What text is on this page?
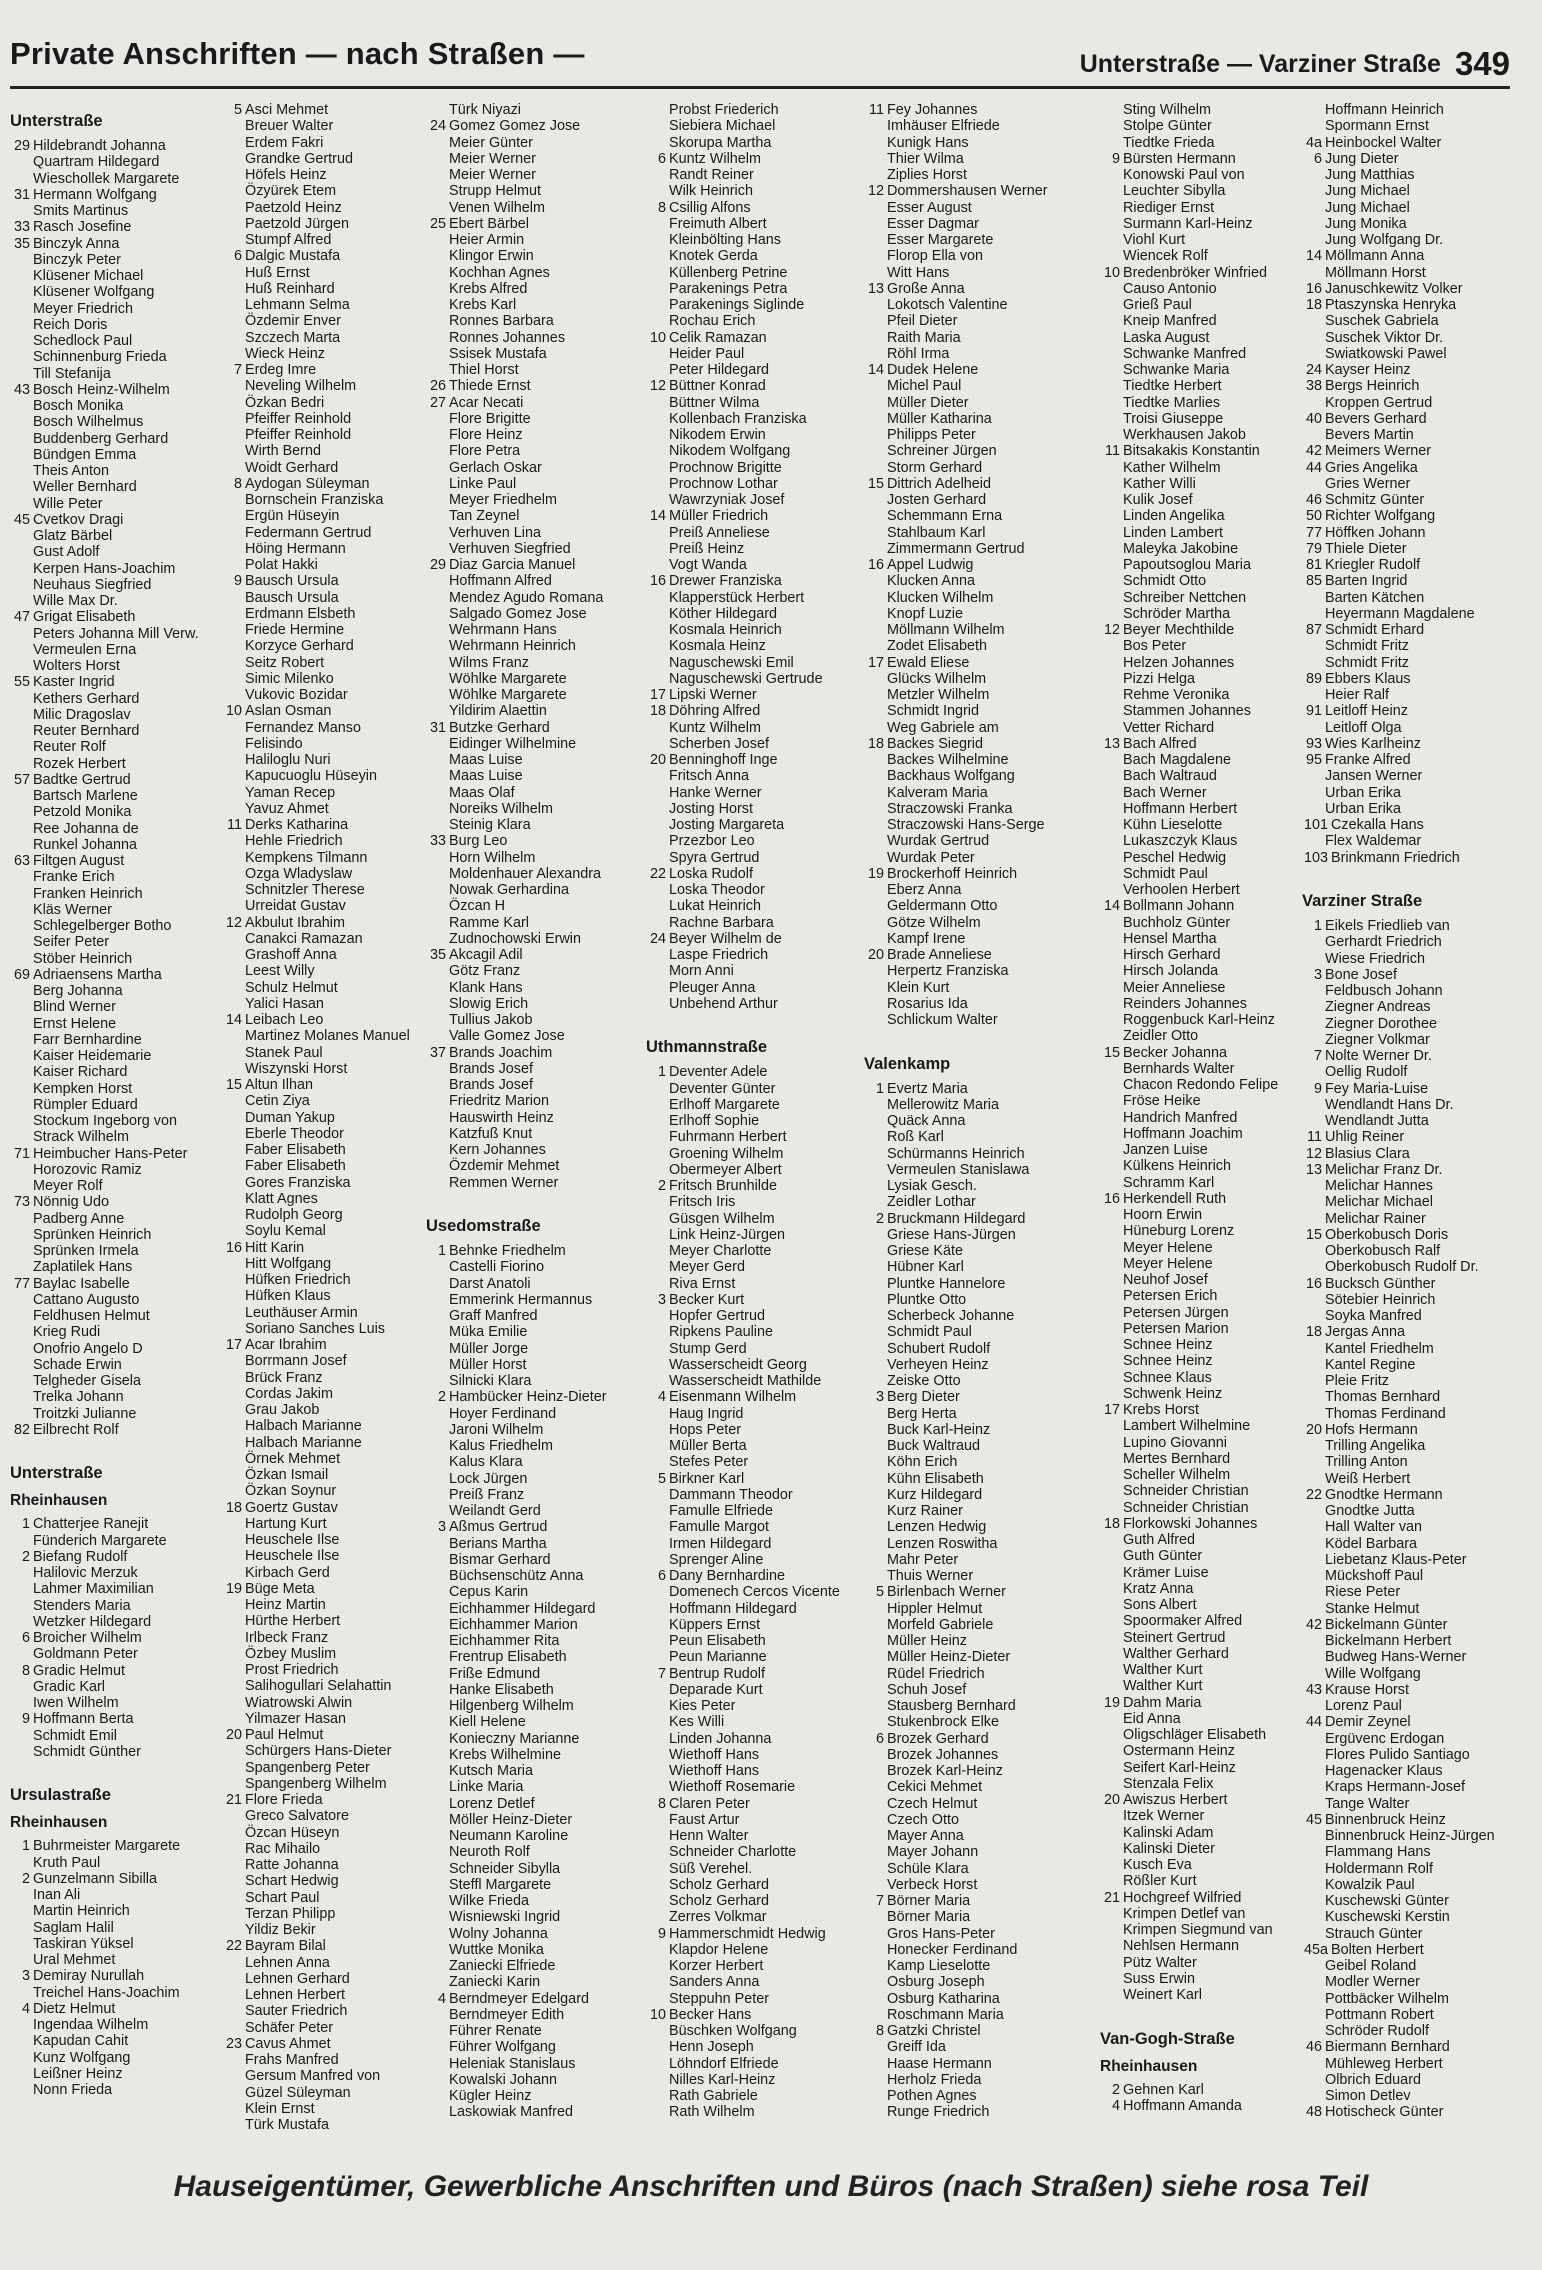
Private Anschriften — nach Straßen —	Unterstraße — Varziner Straße 349
Unterstraße
29 Hildebrandt Johanna
Quartram Hildegard
Wieschollek Margarete
31 Hermann Wolfgang
Smits Martinus
33 Rasch Josefine
35 Binczyk Anna
Binczyk Peter
Klüsener Michael
Klüsener Wolfgang
Meyer Friedrich
Reich Doris
Schedlock Paul
Schinnenburg Frieda
Till Stefanija
43 Bosch Heinz-Wilhelm
Bosch Monika
Bosch Wilhelmus
Buddenberg Gerhard
Bündgen Emma
Theis Anton
Weller Bernhard
Wille Peter
45 Cvetkov Dragi
Glatz Bärbel
Gust Adolf
Kerpen Hans-Joachim
Neuhaus Siegfried
Wille Max Dr.
47 Grigat Elisabeth
Peters Johanna Mill Verw.
Vermeulen Erna
Wolters Horst
55 Kaster Ingrid
Kethers Gerhard
Milic Dragoslav
Reuter Bernhard
Reuter Rolf
Rozek Herbert
57 Badtke Gertrud
Bartsch Marlene
Petzold Monika
Ree Johanna de
Runkel Johanna
63 Filtgen August
Franke Erich
Franken Heinrich
Kläs Werner
Schlegelberger Botho
Seifer Peter
Stöber Heinrich
69 Adriaensens Martha
Berg Johanna
Blind Werner
Ernst Helene
Farr Bernhardine
Kaiser Heidemarie
Kaiser Richard
Kempken Horst
Rümpler Eduard
Stockum Ingeborg von
Strack Wilhelm
71 Heimbucher Hans-Peter
Horozovic Ramiz
Meyer Rolf
73 Nönnig Udo
Padberg Anne
Sprünken Heinrich
Sprünken Irmela
Zaplatilek Hans
77 Baylac Isabelle
Cattano Augusto
Feldhusen Helmut
Krieg Rudi
Onofrio Angelo D
Schade Erwin
Telgheder Gisela
Trelka Johann
Troitzki Julianne
82 Eilbrecht Rolf
Unterstraße
Rheinhausen
1 Chatterjee Ranejit
Fünderich Margarete
2 Biefang Rudolf
Halilovic Merzuk
Lahmer Maximilian
Stenders Maria
Wetzker Hildegard
6 Broicher Wilhelm
Goldmann Peter
8 Gradic Helmut
Gradic Karl
Iwen Wilhelm
9 Hoffmann Berta
Schmidt Emil
Schmidt Günther
Ursulastraße
Rheinhausen
1 Buhrmeister Margarete
Kruth Paul
2 Gunzelmann Sibilla
Inan Ali
Martin Heinrich
Saglam Halil
Taskiran Yüksel
Ural Mehmet
3 Demiray Nurullah
Treichel Hans-Joachim
4 Dietz Helmut
Ingendaa Wilhelm
Kapudan Cahit
Kunz Wolfgang
Leißner Heinz
Nonn Frieda
5 Asci Mehmet
Breuer Walter
Erdem Fakri
Grandke Gertrud
Höfels Heinz
Özyürek Etem
Paetzold Heinz
Paetzold Jürgen
Stumpf Alfred
6 Dalgic Mustafa
Huß Ernst
Huß Reinhard
Lehmann Selma
Özdemir Enver
Szczech Marta
Wieck Heinz
7 Erdeg Imre
Neveling Wilhelm
Özkan Bedri
Pfeiffer Reinhold
Pfeiffer Reinhold
Wirth Bernd
Woidt Gerhard
8 Aydogan Süleyman
Bornschein Franziska
Ergün Hüseyin
Federmann Gertrud
Höing Hermann
Polat Hakki
9 Bausch Ursula
Bausch Ursula
Erdmann Elsbeth
Friede Hermine
Korzyce Gerhard
Seitz Robert
Simic Milenko
Vukovic Bozidar
10 Aslan Osman
Fernandez Manso
Felisindo
Haliloglu Nuri
Kapucuoglu Hüseyin
Yaman Recep
Yavuz Ahmet
11 Derks Katharina
Hehle Friedrich
Kempkens Tilmann
Ozga Wladyslaw
Schnitzler Therese
Urreidat Gustav
12 Akbulut Ibrahim
Canakci Ramazan
Grashoff Anna
Leest Willy
Schulz Helmut
Yalici Hasan
14 Leibach Leo
Martinez Molanes Manuel
Stanek Paul
Wiszynski Horst
15 Altun Ilhan
Cetin Ziya
Duman Yakup
Eberle Theodor
Faber Elisabeth
Faber Elisabeth
Gores Franziska
Klatt Agnes
Rudolph Georg
Soylu Kemal
16 Hitt Karin
Hitt Wolfgang
Hüfken Friedrich
Hüfken Klaus
Leuthäuser Armin
Soriano Sanches Luis
17 Acar Ibrahim
Borrmann Josef
Brück Franz
Cordas Jakim
Grau Jakob
Halbach Marianne
Halbach Marianne
Örnek Mehmet
Özkan Ismail
Özkan Soynur
18 Goertz Gustav
Hartung Kurt
Heuschele Ilse
Heuschele Ilse
Kirbach Gerd
19 Büge Meta
Heinz Martin
Hürthe Herbert
Irlbeck Franz
Özbey Muslim
Prost Friedrich
Salihogullari Selahattin
Wiatrowski Alwin
Yilmazer Hasan
20 Paul Helmut
Schürgers Hans-Dieter
Spangenberg Peter
Spangenberg Wilhelm
21 Flore Frieda
Greco Salvatore
Özcan Hüseyn
Rac Mihailo
Ratte Johanna
Schart Hedwig
Schart Paul
Terzan Philipp
Yildiz Bekir
22 Bayram Bilal
Lehnen Anna
Lehnen Gerhard
Lehnen Herbert
Sauter Friedrich
Schäfer Peter
23 Cavus Ahmet
Frahs Manfred
Gersum Manfred von
Güzel Süleyman
Klein Ernst
Türk Mustafa
Türk Niyazi
24 Gomez Gomez Jose
Meier Günter
Meier Werner
Meier Werner
Strupp Helmut
Venen Wilhelm
25 Ebert Bärbel
Heier Armin
Klingor Erwin
Kochhan Agnes
Krebs Alfred
Krebs Karl
Ronnes Barbara
Ronnes Johannes
Ssisek Mustafa
Thiel Horst
26 Thiede Ernst
27 Acar Necati
Flore Brigitte
Flore Heinz
Flore Petra
Gerlach Oskar
Linke Paul
Meyer Friedhelm
Tan Zeynel
Verhuven Lina
Verhuven Siegfried
29 Diaz Garcia Manuel
Hoffmann Alfred
Mendez Agudo Romana
Salgado Gomez Jose
Wehrmann Hans
Wehrmann Heinrich
Wilms Franz
Wöhlke Margarete
Wöhlke Margarete
Yildirim Alaettin
31 Butzke Gerhard
Eidinger Wilhelmine
Maas Luise
Maas Luise
Maas Olaf
Noreiks Wilhelm
Steinig Klara
33 Burg Leo
Horn Wilhelm
Moldenhauer Alexandra
Nowak Gerhardina
Özcan H
Ramme Karl
Zudnochowski Erwin
35 Akcagil Adil
Götz Franz
Klank Hans
Slowig Erich
Tullius Jakob
Valle Gomez Jose
37 Brands Joachim
Brands Josef
Brands Josef
Friedritz Marion
Hauswirth Heinz
Katzfuß Knut
Kern Johannes
Özdemir Mehmet
Remmen Werner
Usedomstraße
1 Behnke Friedhelm
Castelli Fiorino
Darst Anatoli
Emmerink Hermannus
Graff Manfred
Müka Emilie
Müller Jorge
Müller Horst
Silnicki Klara
2 Hambücker Heinz-Dieter
Hoyer Ferdinand
Jaroni Wilhelm
Kalus Friedhelm
Kalus Klara
Lock Jürgen
Preiß Franz
Weilandt Gerd
3 Aßmus Gertrud
Berians Martha
Bismar Gerhard
Büchsenschütz Anna
Cepus Karin
Eichhammer Hildegard
Eichhammer Marion
Eichhammer Rita
Frentrup Elisabeth
Friße Edmund
Hanke Elisabeth
Hilgenberg Wilhelm
Kiell Helene
Konieczny Marianne
Krebs Wilhelmine
Kutsch Maria
Linke Maria
Lorenz Detlef
Möller Heinz-Dieter
Neumann Karoline
Neuroth Rolf
Schneider Sibylla
Steffl Margarete
Wilke Frieda
Wisniewski Ingrid
Wolny Johanna
Wuttke Monika
Zaniecki Elfriede
Zaniecki Karin
4 Berndmeyer Edelgard
Berndmeyer Edith
Führer Renate
Führer Wolfgang
Heleniak Stanislaus
Kowalski Johann
Kügler Heinz
Laskowiak Manfred
Probst Friederich
Siebiera Michael
Skorupa Martha
6 Kuntz Wilhelm
Randt Reiner
Wilk Heinrich
8 Csillig Alfons
Freimuth Albert
Kleinbölting Hans
Knotek Gerda
Küllenberg Petrine
Parakenings Petra
Parakenings Siglinde
Rochau Erich
10 Celik Ramazan
Heider Paul
Peter Hildegard
12 Büttner Konrad
Büttner Wilma
Kollenbach Franziska
Nikodem Erwin
Nikodem Wolfgang
Prochnow Brigitte
Prochnow Lothar
Wawrzyniak Josef
14 Müller Friedrich
Preiß Anneliese
Preiß Heinz
Vogt Wanda
16 Drewer Franziska
Klapperstück Herbert
Köther Hildegard
Kosmala Heinrich
Kosmala Heinz
Naguschewski Emil
Naguschewski Gertrude
17 Lipski Werner
18 Döhring Alfred
Kuntz Wilhelm
Scherben Josef
20 Benninghoff Inge
Fritsch Anna
Hanke Werner
Josting Horst
Josting Margareta
Przezbor Leo
Spyra Gertrud
22 Loska Rudolf
Loska Theodor
Lukat Heinrich
Rachne Barbara
24 Beyer Wilhelm de
Laspe Friedrich
Morn Anni
Pleuger Anna
Unbehend Arthur
Uthmannstraße
1 Deventer Adele
Deventer Günter
Erlhoff Margarete
Erlhoff Sophie
Fuhrmann Herbert
Groening Wilhelm
Obermeyer Albert
2 Fritsch Brunhilde
Fritsch Iris
Güsgen Wilhelm
Link Heinz-Jürgen
Meyer Charlotte
Meyer Gerd
Riva Ernst
3 Becker Kurt
Hopfer Gertrud
Ripkens Pauline
Stump Gerd
Wasserscheidt Georg
Wasserscheidt Mathilde
4 Eisenmann Wilhelm
Haug Ingrid
Hops Peter
Müller Berta
Stefes Peter
5 Birkner Karl
Dammann Theodor
Famulle Elfriede
Famulle Margot
Irmen Hildegard
Sprenger Aline
6 Dany Bernhardine
Domenech Cercos Vicente
Hoffmann Hildegard
Küppers Ernst
Peun Elisabeth
Peun Marianne
7 Bentrup Rudolf
Deparade Kurt
Kies Peter
Kes Willi
Linden Johanna
Wiethoff Hans
Wiethoff Hans
Wiethoff Rosemarie
8 Claren Peter
Faust Artur
Henn Walter
Schneider Charlotte
Süß Verehel.
Scholz Gerhard
Scholz Gerhard
Zerres Volkmar
9 Hammerschmidt Hedwig
Klapdor Helene
Korzer Herbert
Sanders Anna
Steppuhn Peter
10 Becker Hans
Büschken Wolfgang
Henn Joseph
Löhndorf Elfriede
Nilles Karl-Heinz
Rath Gabriele
Rath Wilhelm
11 Fey Johannes
Imhäuser Elfriede
Kunigk Hans
Thier Wilma
Ziplies Horst
12 Dommershausen Werner
Esser August
Esser Dagmar
Esser Margarete
Florop Ella von
Witt Hans
13 Große Anna
Lokotsch Valentine
Pfeil Dieter
Raith Maria
Röhl Irma
14 Dudek Helene
Michel Paul
Müller Dieter
Müller Katharina
Philipps Peter
Schreiner Jürgen
Storm Gerhard
15 Dittrich Adelheid
Josten Gerhard
Schemmann Erna
Stahlbaum Karl
Zimmermann Gertrud
16 Appel Ludwig
Klucken Anna
Klucken Wilhelm
Knopf Luzie
Möllmann Wilhelm
Zodet Elisabeth
17 Ewald Eliese
Glücks Wilhelm
Metzler Wilhelm
Schmidt Ingrid
Weg Gabriele am
18 Backes Siegrid
Backes Wilhelmine
Backhaus Wolfgang
Kalveram Maria
Straczowski Franka
Straczowski Hans-Serge
Wurdak Gertrud
Wurdak Peter
19 Brockerhoff Heinrich
Eberz Anna
Geldermann Otto
Götze Wilhelm
Kampf Irene
20 Brade Anneliese
Herpertz Franziska
Klein Kurt
Rosarius Ida
Schlickum Walter
Valenkamp
1 Evertz Maria
Mellerowitz Maria
Quäck Anna
Roß Karl
Schürmanns Heinrich
Vermeulen Stanislawa
Lysiak Gesch.
Zeidler Lothar
2 Bruckmann Hildegard
Griese Hans-Jürgen
Griese Käte
Hübner Karl
Pluntke Hannelore
Pluntke Otto
Scherbeck Johanne
Schmidt Paul
Schubert Rudolf
Verheyen Heinz
Zeiske Otto
3 Berg Dieter
Berg Herta
Buck Karl-Heinz
Buck Waltraud
Köhn Erich
Kühn Elisabeth
Kurz Hildegard
Kurz Rainer
Lenzen Hedwig
Lenzen Roswitha
Mahr Peter
Thuis Werner
5 Birlenbach Werner
Hippler Helmut
Morfeld Gabriele
Müller Heinz
Müller Heinz-Dieter
Rüdel Friedrich
Schuh Josef
Stausberg Bernhard
Stukenbrock Elke
6 Brozek Gerhard
Brozek Johannes
Brozek Karl-Heinz
Cekici Mehmet
Czech Helmut
Czech Otto
Mayer Anna
Mayer Johann
Schüle Klara
Verbeck Horst
7 Börner Maria
Börner Maria
Gros Hans-Peter
Honecker Ferdinand
Kamp Lieselotte
Osburg Joseph
Osburg Katharina
Roschmann Maria
8 Gatzki Christel
Greiff Ida
Haase Hermann
Herholz Frieda
Pothen Agnes
Runge Friedrich
Sting Wilhelm
Stolpe Günter
Tiedtke Frieda
9 Bürsten Hermann
Konowski Paul von
Leuchter Sibylla
Riediger Ernst
Surmann Karl-Heinz
Viohl Kurt
Wiencek Rolf
10 Bredenbröker Winfried
Causo Antonio
Grieß Paul
Kneip Manfred
Laska August
Schwanke Manfred
Schwanke Maria
Tiedtke Herbert
Tiedtke Marlies
Troisi Giuseppe
Werkhausen Jakob
11 Bitsakakis Konstantin
Kather Wilhelm
Kather Willi
Kulik Josef
Linden Angelika
Linden Lambert
Maleyka Jakobine
Papoutsoglou Maria
Schmidt Otto
Schreiber Nettchen
Schröder Martha
12 Beyer Mechthilde
Bos Peter
Helzen Johannes
Pizzi Helga
Rehme Veronika
Stammen Johannes
Vetter Richard
13 Bach Alfred
Bach Magdalene
Bach Waltraud
Bach Werner
Hoffmann Herbert
Kühn Lieselotte
Lukaszczyk Klaus
Peschel Hedwig
Schmidt Paul
Verhoolen Herbert
14 Bollmann Johann
Buchholz Günter
Hensel Martha
Hirsch Gerhard
Hirsch Jolanda
Meier Anneliese
Reinders Johannes
Roggenbuck Karl-Heinz
Zeidler Otto
15 Becker Johanna
Bernhards Walter
Chacon Redondo Felipe
Fröse Heike
Handrich Manfred
Hoffmann Joachim
Janzen Luise
Külkens Heinrich
Schramm Karl
16 Herkendell Ruth
Hoorn Erwin
Hüneburg Lorenz
Meyer Helene
Meyer Helene
Neuhof Josef
Petersen Erich
Petersen Jürgen
Petersen Marion
Schnee Heinz
Schnee Heinz
Schnee Klaus
Schwenk Heinz
17 Krebs Horst
Lambert Wilhelmine
Lupino Giovanni
Mertes Bernhard
Scheller Wilhelm
Schneider Christian
Schneider Christian
18 Florkowski Johannes
Guth Alfred
Guth Günter
Krämer Luise
Kratz Anna
Sons Albert
Spoormaker Alfred
Steinert Gertrud
Walther Gerhard
Walther Kurt
Walther Kurt
19 Dahm Maria
Eid Anna
Oligschläger Elisabeth
Ostermann Heinz
Seifert Karl-Heinz
Stenzala Felix
20 Awiszus Herbert
Itzek Werner
Kalinski Adam
Kalinski Dieter
Kusch Eva
Rößler Kurt
21 Hochgreef Wilfried
Krimpen Detlef van
Krimpen Siegmund van
Nehlsen Hermann
Pütz Walter
Suss Erwin
Weinert Karl
Van-Gogh-Straße
Rheinhausen
2 Gehnen Karl
4 Hoffmann Amanda
Hoffmann Heinrich
Spormann Ernst
4a Heinbockel Walter
6 Jung Dieter
Jung Matthias
Jung Michael
Jung Michael
Jung Monika
Jung Wolfgang Dr.
14 Möllmann Anna
Möllmann Horst
16 Januschkewitz Volker
18 Ptaszynska Henryka
Suschek Gabriela
Suschek Viktor Dr.
Swiatkowski Pawel
24 Kayser Heinz
38 Bergs Heinrich
Kroppen Gertrud
40 Bevers Gerhard
Bevers Martin
42 Meimers Werner
44 Gries Angelika
Gries Werner
46 Schmitz Günter
50 Richter Wolfgang
77 Höffken Johann
79 Thiele Dieter
81 Kriegler Rudolf
85 Barten Ingrid
Barten Kätchen
Heyermann Magdalene
87 Schmidt Erhard
Schmidt Fritz
Schmidt Fritz
89 Ebbers Klaus
Heier Ralf
91 Leitloff Heinz
Leitloff Olga
93 Wies Karlheinz
95 Franke Alfred
Jansen Werner
Urban Erika
Urban Erika
101 Czekalla Hans
Flex Waldemar
103 Brinkmann Friedrich
Varziner Straße
1 Eikels Friedlieb van
Gerhardt Friedrich
Wiese Friedrich
3 Bone Josef
Feldbusch Johann
Ziegner Andreas
Ziegner Dorothee
Ziegner Volkmar
7 Nolte Werner Dr.
Oellig Rudolf
9 Fey Maria-Luise
Wendlandt Hans Dr.
Wendlandt Jutta
11 Uhlig Reiner
12 Blasius Clara
13 Melichar Franz Dr.
Melichar Hannes
Melichar Michael
Melichar Rainer
15 Oberkobusch Doris
Oberkobusch Ralf
Oberkobusch Rudolf Dr.
16 Bucksch Günther
Sötebier Heinrich
Soyka Manfred
18 Jergas Anna
Kantel Friedhelm
Kantel Regine
Pleie Fritz
Thomas Bernhard
Thomas Ferdinand
20 Hofs Hermann
Trilling Angelika
Trilling Anton
Weiß Herbert
22 Gnodtke Hermann
Gnodtke Jutta
Hall Walter van
Ködel Barbara
Liebetanz Klaus-Peter
Mückshoff Paul
Riese Peter
Stanke Helmut
42 Bickelmann Günter
Bickelmann Herbert
Budweg Hans-Werner
Wille Wolfgang
43 Krause Horst
Lorenz Paul
44 Demir Zeynel
Ergüvenc Erdogan
Flores Pulido Santiago
Hagenacker Klaus
Kraps Hermann-Josef
Tange Walter
45 Binnenbruck Heinz
Binnenbruck Heinz-Jürgen
Flammang Hans
Holdermann Rolf
Kowalzik Paul
Kuschewski Günter
Kuschewski Kerstin
Strauch Günter
45a Bolten Herbert
Geibel Roland
Modler Werner
Pottbäcker Wilhelm
Pottmann Robert
Schröder Rudolf
46 Biermann Bernhard
Mühleweg Herbert
Olbrich Eduard
Simon Detlev
48 Hotischeck Günter
Hauseigentümer, Gewerbliche Anschriften und Büros (nach Straßen) siehe rosa Teil
